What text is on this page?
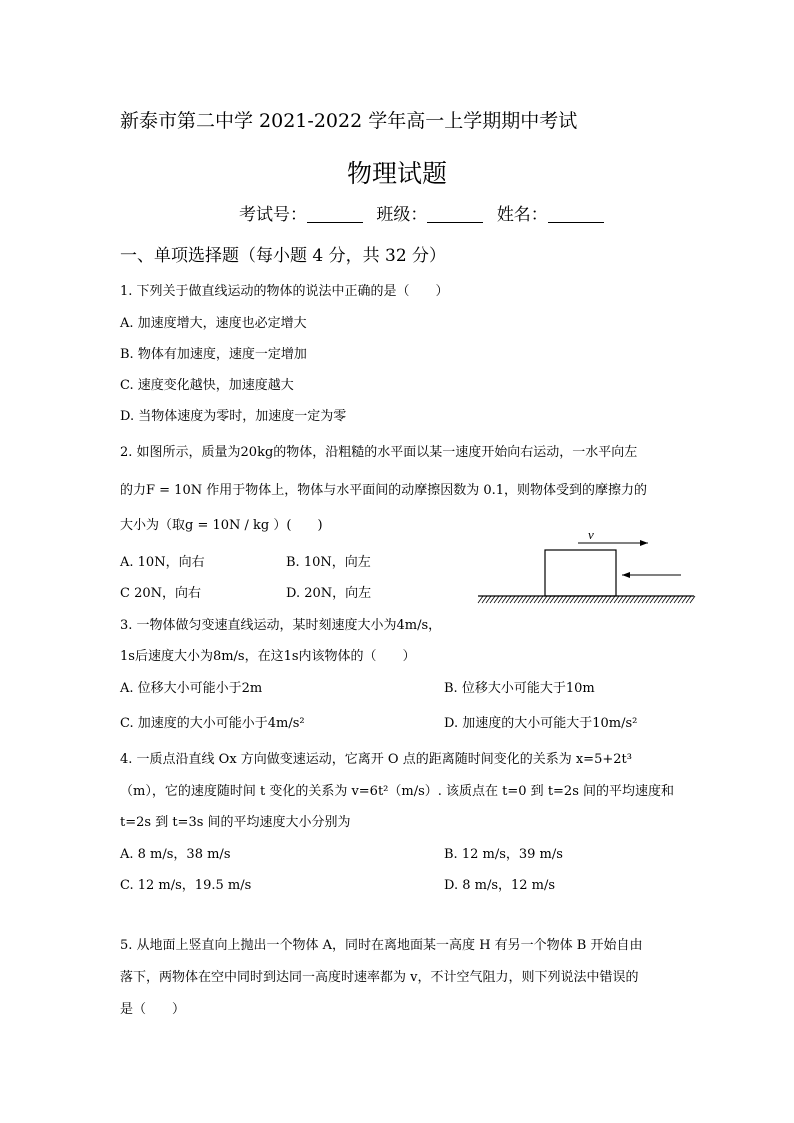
新泰市第二中学 2021-2022 学年高一上学期期中考试
物理试题
考试号：	班级：	姓名：
一、单项选择题（每小题 4 分，共 32 分）
1. 下列关于做直线运动的物体的说法中正确的是（　　）
A. 加速度增大，速度也必定增大
B. 物体有加速度，速度一定增加
C. 速度变化越快，加速度越大
D. 当物体速度为零时，加速度一定为零
2. 如图所示，质量为20kg的物体，沿粗糙的水平面以某一速度开始向右运动，一水平向左
的力F = 10N 作用于物体上，物体与水平面间的动摩擦因数为 0.1，则物体受到的摩擦力的
大小为（取g = 10N / kg ）(　　)
A. 10N，向右	B. 10N，向左
C 20N，向右	D. 20N，向左
v
3. 一物体做匀变速直线运动，某时刻速度大小为4m/s，
1s后速度大小为8m/s，在这1s内该物体的（　　）
A. 位移大小可能小于2m	B. 位移大小可能大于10m
C. 加速度的大小可能小于4m/s²	D. 加速度的大小可能大于10m/s²
4. 一质点沿直线 Ox 方向做变速运动，它离开 O 点的距离随时间变化的关系为 x=5+2t³
（m），它的速度随时间 t 变化的关系为 v=6t²（m/s）. 该质点在 t=0 到 t=2s 间的平均速度和
t=2s 到 t=3s 间的平均速度大小分别为
A. 8 m/s，38 m/s	B. 12 m/s，39 m/s
C. 12 m/s，19.5 m/s	D. 8 m/s，12 m/s
5. 从地面上竖直向上抛出一个物体 A，同时在离地面某一高度 H 有另一个物体 B 开始自由
落下，两物体在空中同时到达同一高度时速率都为 v，不计空气阻力，则下列说法中错误的
是（　　）
